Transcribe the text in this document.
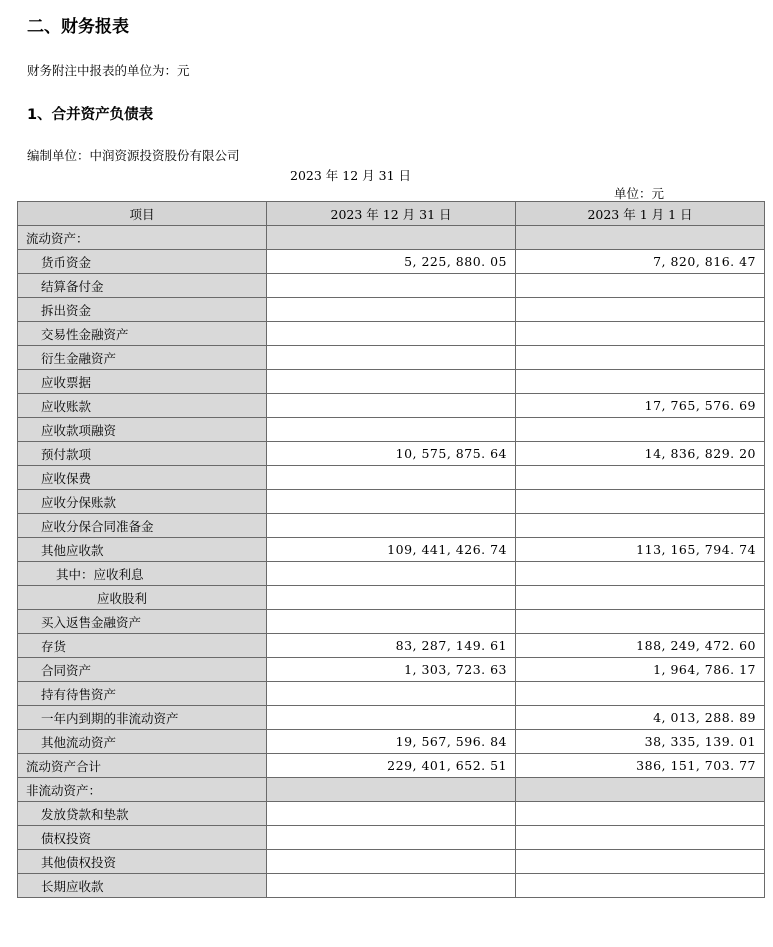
二、财务报表
财务附注中报表的单位为：元
1、合并资产负债表
编制单位：中润资源投资股份有限公司
2023 年 12 月 31 日
单位：元
项目	2023 年 12 月 31 日	2023 年 1 月 1 日
流动资产：		
货币资金	5, 225, 880. 05	7, 820, 816. 47
结算备付金		
拆出资金		
交易性金融资产		
衍生金融资产		
应收票据		
应收账款		17, 765, 576. 69
应收款项融资		
预付款项	10, 575, 875. 64	14, 836, 829. 20
应收保费		
应收分保账款		
应收分保合同准备金		
其他应收款	109, 441, 426. 74	113, 165, 794. 74
其中：应收利息		
应收股利		
买入返售金融资产		
存货	83, 287, 149. 61	188, 249, 472. 60
合同资产	1, 303, 723. 63	1, 964, 786. 17
持有待售资产		
一年内到期的非流动资产		4, 013, 288. 89
其他流动资产	19, 567, 596. 84	38, 335, 139. 01
流动资产合计	229, 401, 652. 51	386, 151, 703. 77
非流动资产：		
发放贷款和垫款		
债权投资		
其他债权投资		
长期应收款		
